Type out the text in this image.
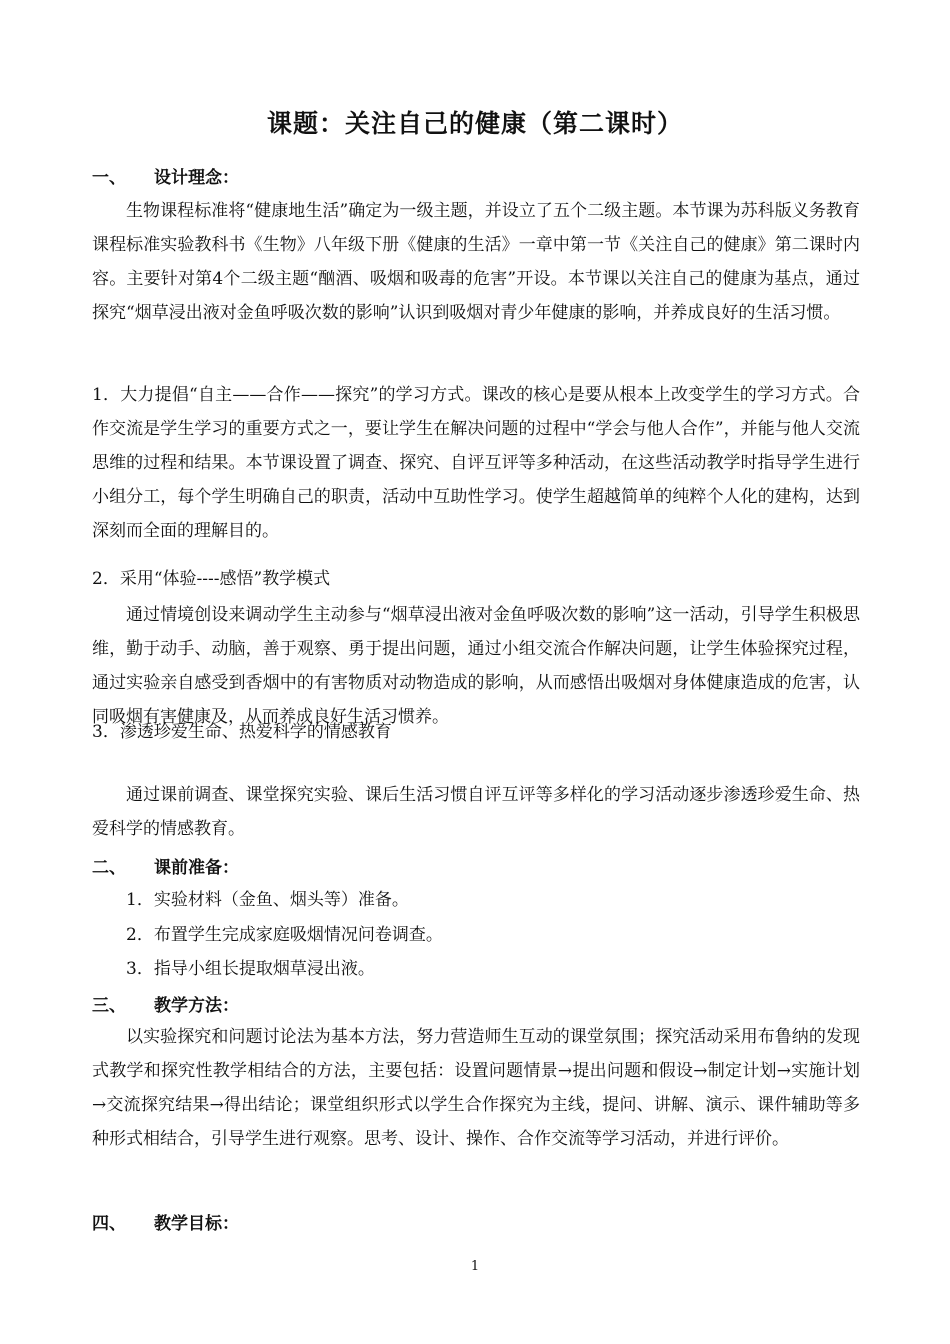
课题：关注自己的健康（第二课时）
一、 设计理念：
生物课程标准将“健康地生活”确定为一级主题，并设立了五个二级主题。本节课为苏科版义务教育课程标准实验教科书《生物》八年级下册《健康的生活》一章中第一节《关注自己的健康》第二课时内容。主要针对第4个二级主题“酗酒、吸烟和吸毒的危害”开设。本节课以关注自己的健康为基点，通过探究“烟草浸出液对金鱼呼吸次数的影响”认识到吸烟对青少年健康的影响，并养成良好的生活习惯。
1．大力提倡“自主——合作——探究”的学习方式。课改的核心是要从根本上改变学生的学习方式。合作交流是学生学习的重要方式之一，要让学生在解决问题的过程中“学会与他人合作”，并能与他人交流思维的过程和结果。本节课设置了调查、探究、自评互评等多种活动，在这些活动教学时指导学生进行小组分工，每个学生明确自己的职责，活动中互助性学习。使学生超越简单的纯粹个人化的建构，达到深刻而全面的理解目的。
2．采用“体验----感悟”教学模式
通过情境创设来调动学生主动参与“烟草浸出液对金鱼呼吸次数的影响”这一活动，引导学生积极思维，勤于动手、动脑，善于观察、勇于提出问题，通过小组交流合作解决问题，让学生体验探究过程，通过实验亲自感受到香烟中的有害物质对动物造成的影响，从而感悟出吸烟对身体健康造成的危害，认同吸烟有害健康及，从而养成良好生活习惯养。
3．渗透珍爱生命、热爱科学的情感教育
通过课前调查、课堂探究实验、课后生活习惯自评互评等多样化的学习活动逐步渗透珍爱生命、热爱科学的情感教育。
二、 课前准备：
1．实验材料（金鱼、烟头等）准备。
2．布置学生完成家庭吸烟情况问卷调查。
3．指导小组长提取烟草浸出液。
三、 教学方法：
以实验探究和问题讨论法为基本方法，努力营造师生互动的课堂氛围；探究活动采用布鲁纳的发现式教学和探究性教学相结合的方法，主要包括：设置问题情景→提出问题和假设→制定计划→实施计划→交流探究结果→得出结论；课堂组织形式以学生合作探究为主线，提问、讲解、演示、课件辅助等多种形式相结合，引导学生进行观察。思考、设计、操作、合作交流等学习活动，并进行评价。
四、 教学目标：
1
